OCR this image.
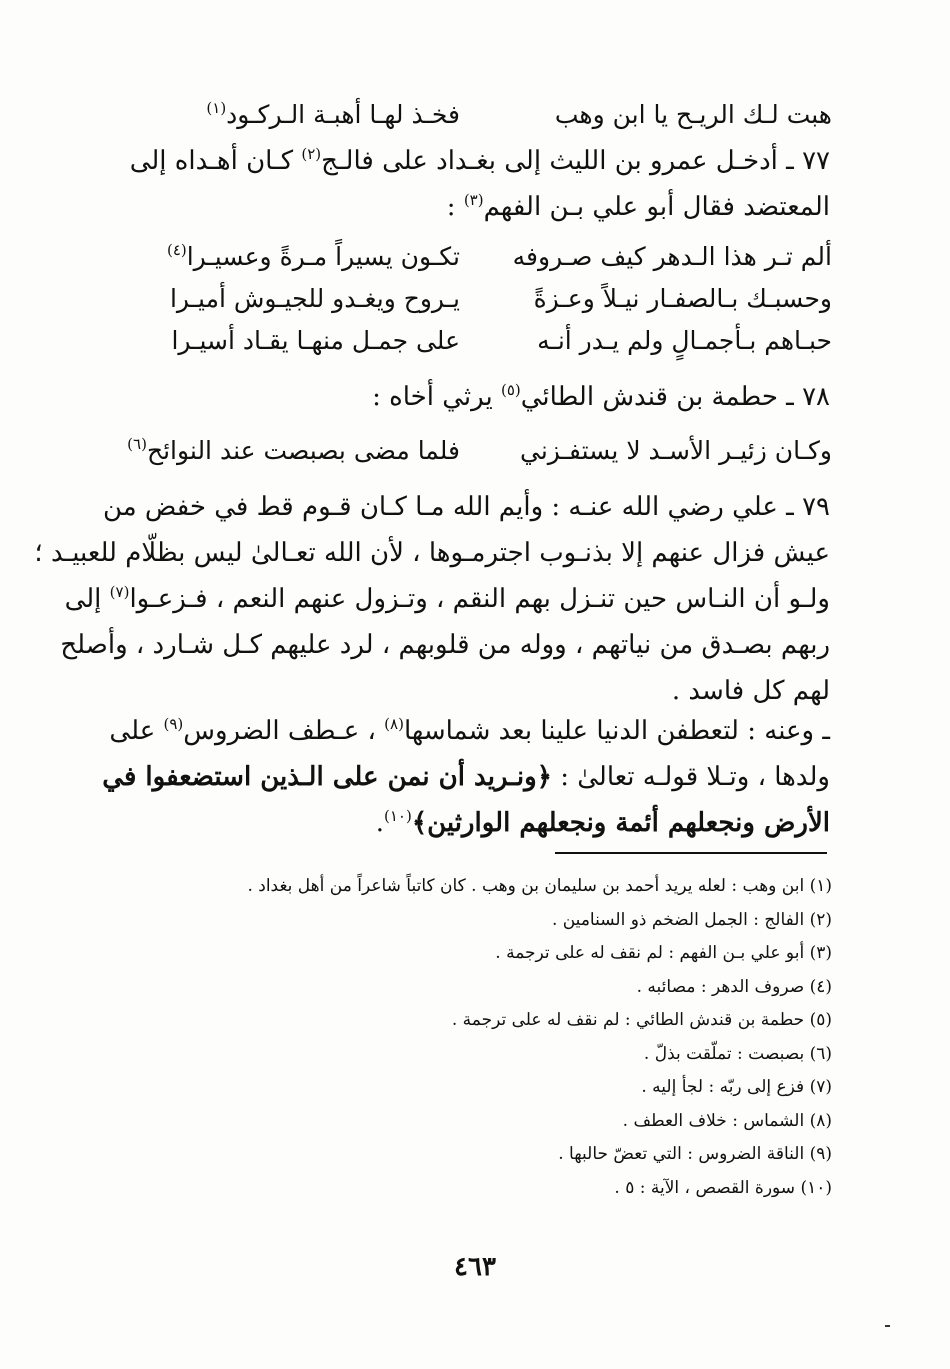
هبت لـك الريـح يا ابن وهب
فخـذ لهـا أهبـة الـركـود$^{(١)}$
٧٧ ـ أدخـل عمرو بن الليث إلى بغـداد على فالـج$^{(٢)}$ كـان أهـداه إلى
المعتضد فقال أبو علي بـن الفهم$^{(٣)}$ :
ألم تـر هذا الـدهر كيف صـروفه
تكـون يسيراً مـرةً وعسيـرا$^{(٤)}$
وحسبـك بـالصفـار نيـلاً وعـزةً
يـروح ويغـدو للجيـوش أميـرا
حبـاهم بـأجمـالٍ ولم يـدر أنـه
على جمـل منهـا يقـاد أسيـرا
٧٨ ـ حطمة بن قندش الطائي$^{(٥)}$ يرثي أخاه :
وكـان زئيـر الأسـد لا يستفـزني
فلما مضى بصبصت عند النوائح$^{(٦)}$
٧٩ ـ علي رضي الله عنـه : وأيم الله مـا كـان قـوم قط في خفض من
عيش فزال عنهم إلا بذنـوب اجترمـوها ، لأن الله تعـالىٰ ليس بظلّام للعبيـد ؛
ولـو أن النـاس حين تنـزل بهم النقم ، وتـزول عنهم النعم ، فـزعـوا$^{(٧)}$ إلى
ربهم بصـدق من نياتهم ، ووله من قلوبهم ، لرد عليهم كـل شـارد ، وأصلح
لهم كل فاسد .
ـ وعنه : لتعطفن الدنيا علينا بعد شماسها$^{(٨)}$ ، عـطف الضروس$^{(٩)}$ على
ولدها ، وتـلا قولـه تعالىٰ : ﴿ونـريد أن نمن على الـذين استضعفوا في
الأرض ونجعلهم أئمة ونجعلهم الوارثين﴾$^{(١٠)}$.
(١) ابن وهب : لعله يريد أحمد بن سليمان بن وهب . كان كاتباً شاعراً من أهل بغداد .
(٢) الفالج : الجمل الضخم ذو السنامين .
(٣) أبو علي بـن الفهم : لم نقف له على ترجمة .
(٤) صروف الدهر : مصائبه .
(٥) حطمة بن قندش الطائي : لم نقف له على ترجمة .
(٦) بصبصت : تملّقت بذلّ .
(٧) فزع إلى ربّه : لجأ إليه .
(٨) الشماس : خلاف العطف .
(٩) الناقة الضروس : التي تعضّ حالبها .
(١٠) سورة القصص ، الآية : ٥ .
٤٦٣
